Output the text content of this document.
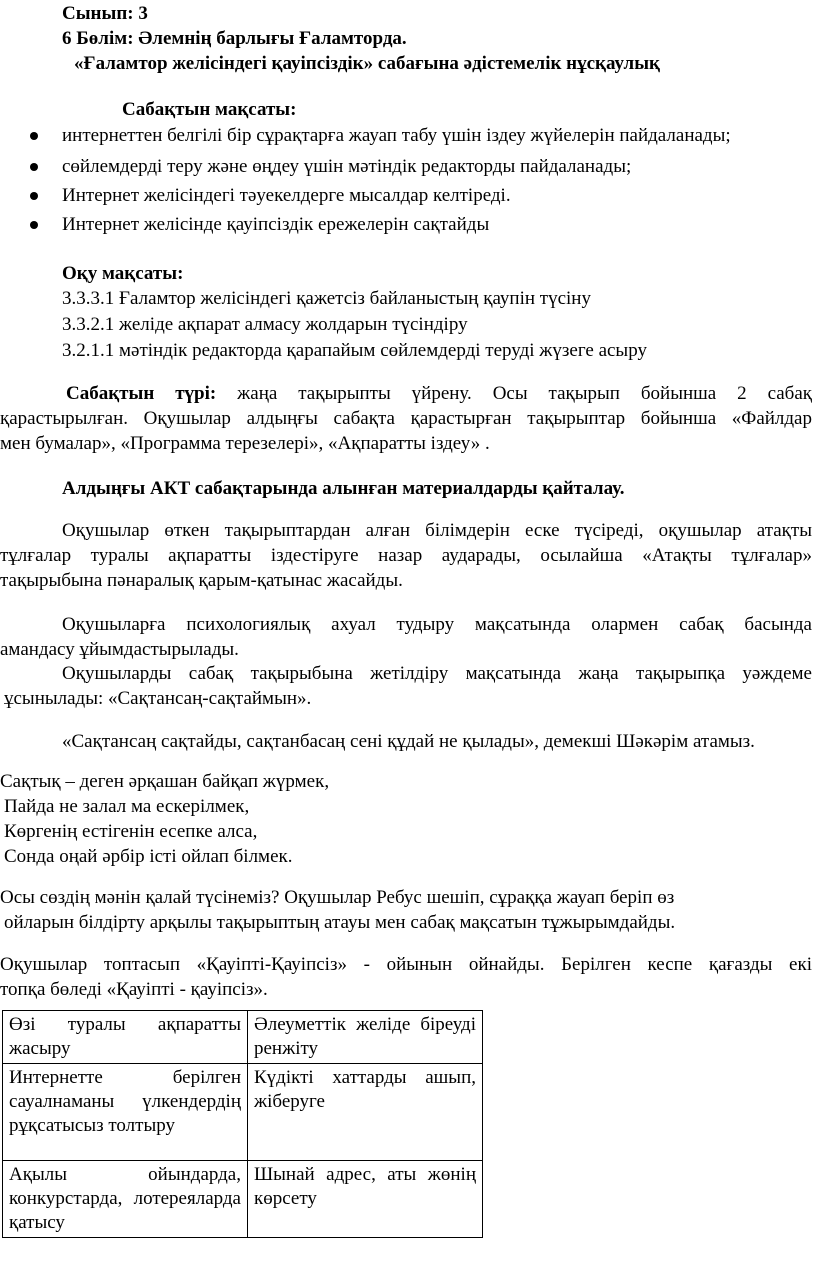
Сынып: 3
6 Бөлім: Әлемнің барлығы Ғаламторда.
«Ғаламтор желісіндегі қауіпсіздік» сабағына әдістемелік нұсқаулық
Сабақтын мақсаты:
интернеттен белгілі бір сұрақтарға жауап табу үшін іздеу жүйелерін пайдаланады;
сөйлемдерді теру және өңдеу үшін мәтіндік редакторды пайдаланады;
Интернет желісіндегі тәуекелдерге мысалдар келтіреді.
Интернет желісінде қауіпсіздік ережелерін сақтайды
Оқу мақсаты:
3.3.3.1 Ғаламтор желісіндегі қажетсіз байланыстың қаупін түсіну
3.3.2.1 желіде ақпарат алмасу жолдарын түсіндіру
3.2.1.1 мәтіндік редакторда қарапайым сөйлемдерді теруді жүзеге асыру
Сабақтын түрі: жаңа тақырыпты үйрену. Осы тақырып бойынша 2 сабақ
қарастырылған. Оқушылар алдыңғы сабақта қарастырған тақырыптар бойынша «Файлдар
мен бумалар», «Программа терезелері», «Ақпаратты іздеу» .
Алдыңғы АКТ сабақтарында алынған материалдарды қайталау.
Оқушылар өткен тақырыптардан алған білімдерін еске түсіреді, оқушылар атақты
тұлғалар туралы ақпаратты іздестіруге назар аударады, осылайша «Атақты тұлғалар»
тақырыбына пәнаралық қарым-қатынас жасайды.
Оқушыларға психологиялық ахуал тудыру мақсатында олармен сабақ басында
амандасу ұйымдастырылады.
Оқушыларды сабақ тақырыбына жетілдіру мақсатында жаңа тақырыпқа уәждеме
ұсынылады: «Сақтансаң-сақтаймын».
«Сақтансаң сақтайды, сақтанбасаң сені құдай не қылады», демекші Шәкәрім атамыз.
Сақтық – деген әрқашан байқап жүрмек,
Пайда не залал ма ескерілмек,
Көргенің естігенін есепке алса,
Сонда оңай әрбір істі ойлап білмек.
Осы сөздің мәнін қалай түсінеміз? Оқушылар Ребус шешіп, сұраққа жауап беріп өз
ойларын білдірту арқылы тақырыптың атауы мен сабақ мақсатын тұжырымдайды.
Оқушылар топтасып «Қауіпті-Қауіпсіз» - ойынын ойнайды. Берілген кеспе қағазды екі
топқа бөледі «Қауіпті - қауіпсіз».
Өзі туралы ақпаратты жасыру	Әлеуметтік желіде біреуді ренжіту
Интернетте берілген сауалнаманы үлкендердің рұқсатысыз толтыру	Күдікті хаттарды ашып, жіберуге
Ақылы ойындарда, конкурстарда, лотереяларда қатысу	Шынай адрес, аты жөнің көрсету
